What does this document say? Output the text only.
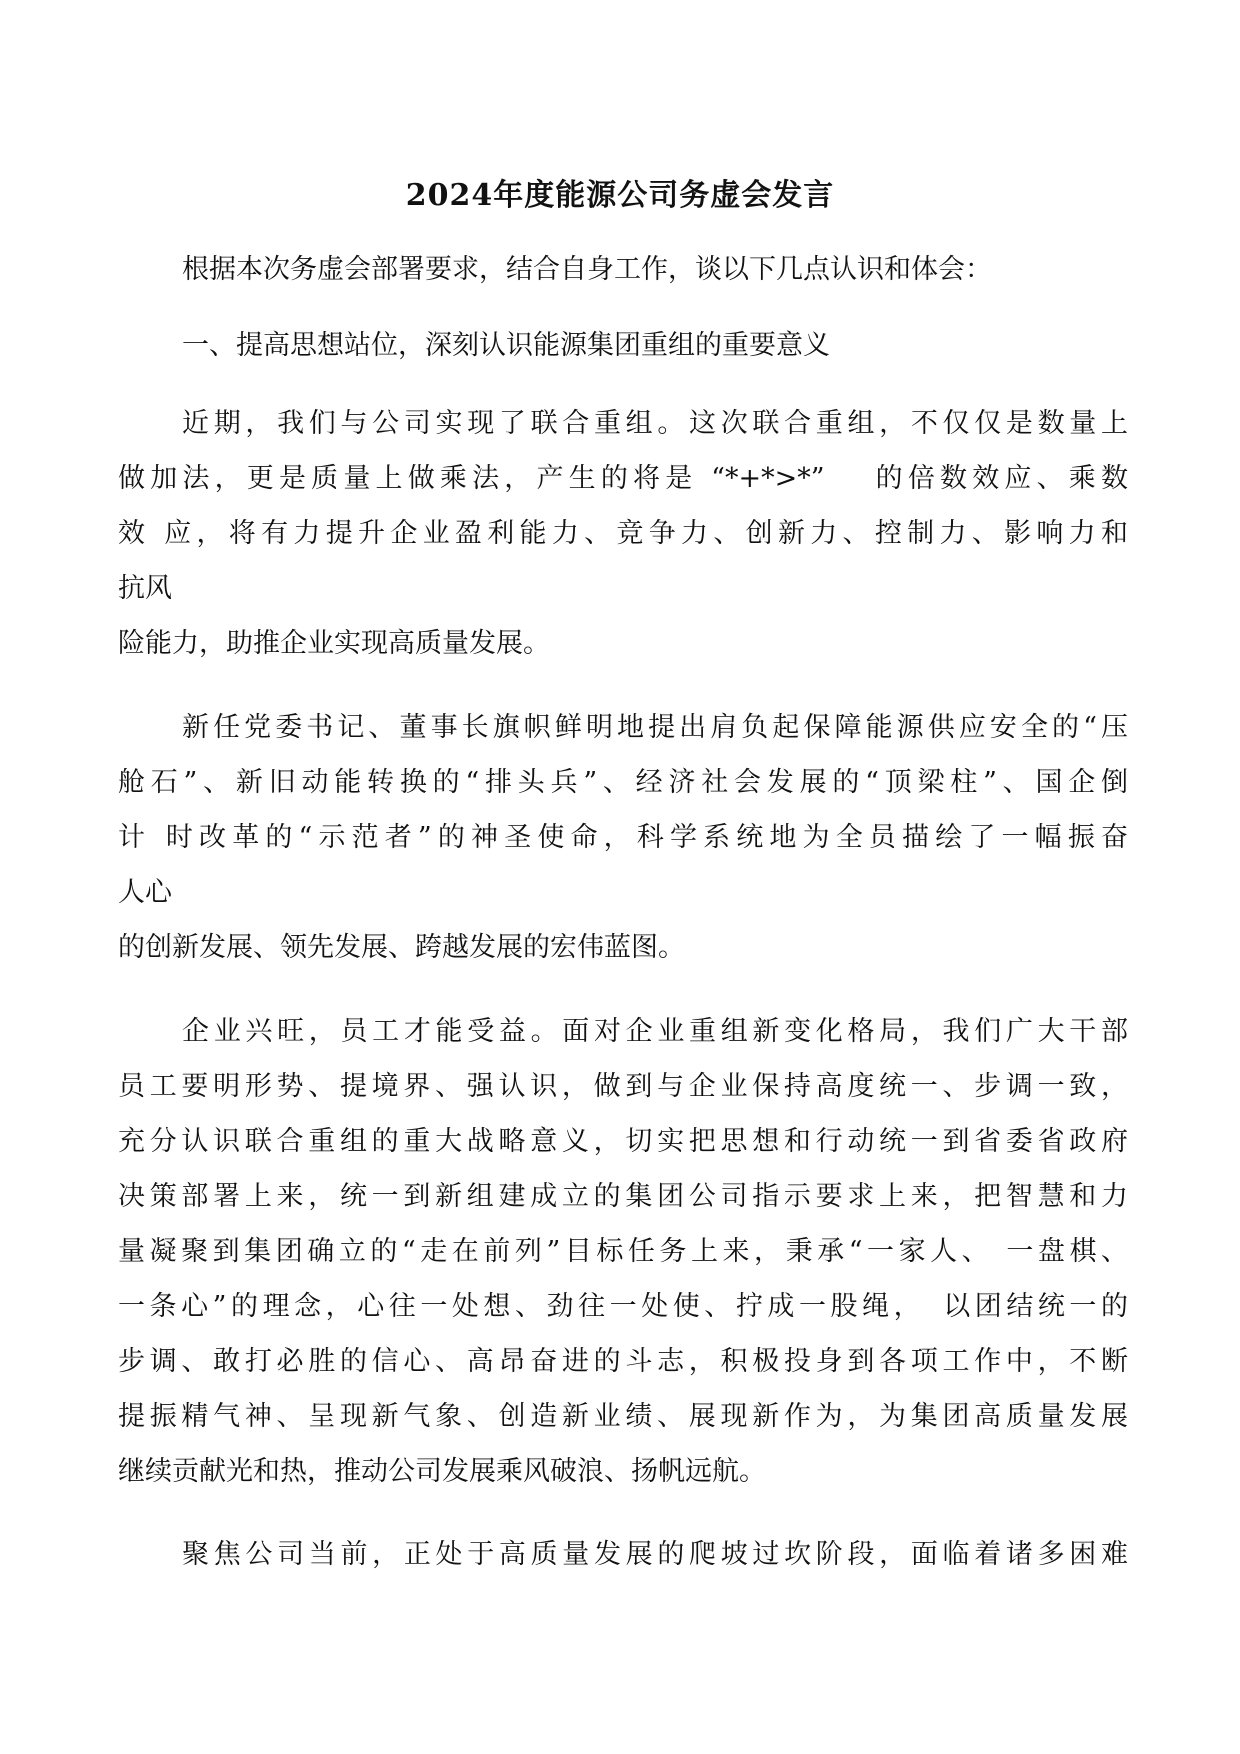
2024年度能源公司务虚会发言
根据本次务虚会部署要求，结合自身工作，谈以下几点认识和体会：
一、提高思想站位，深刻认识能源集团重组的重要意义
近期，我们与公司实现了联合重组。这次联合重组，不仅仅是数量上
做加法，更是质量上做乘法，产生的将是 “*+*>*”　 的倍数效应、乘数
效 应，将有力提升企业盈利能力、竞争力、创新力、控制力、影响力和
抗风
险能力，助推企业实现高质量发展。
新任党委书记、董事长旗帜鲜明地提出肩负起保障能源供应安全的“压
舱石”、新旧动能转换的“排头兵”、经济社会发展的“顶梁柱”、国企倒
计 时改革的“示范者”的神圣使命，科学系统地为全员描绘了一幅振奋
人心
的创新发展、领先发展、跨越发展的宏伟蓝图。
企业兴旺，员工才能受益。面对企业重组新变化格局，我们广大干部
员工要明形势、提境界、强认识，做到与企业保持高度统一、步调一致，
充分认识联合重组的重大战略意义，切实把思想和行动统一到省委省政府
决策部署上来，统一到新组建成立的集团公司指示要求上来，把智慧和力
量凝聚到集团确立的“走在前列”目标任务上来，秉承“一家人、 一盘棋、
一条心”的理念，心往一处想、劲往一处使、拧成一股绳，　以团结统一的
步调、敢打必胜的信心、高昂奋进的斗志，积极投身到各项工作中，不断
提振精气神、呈现新气象、创造新业绩、展现新作为，为集团高质量发展
继续贡献光和热，推动公司发展乘风破浪、扬帆远航。
聚焦公司当前，正处于高质量发展的爬坡过坎阶段，面临着诸多困难
